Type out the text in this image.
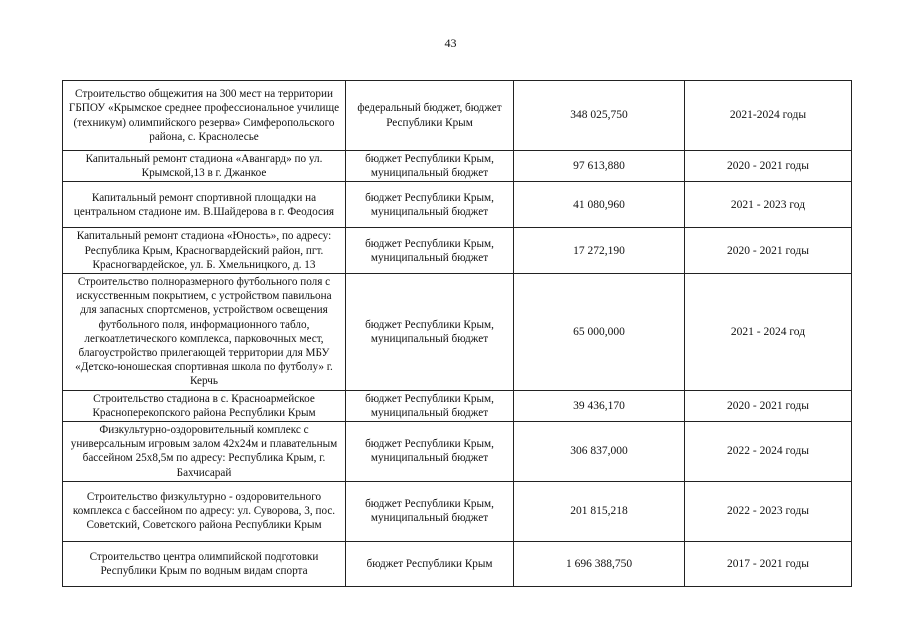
43
Строительство общежития на 300 мест на территории ГБПОУ «Крымское среднее профессиональное училище (техникум) олимпийского резерва» Симферопольского района, с. Краснолесье	федеральный бюджет, бюджет Республики Крым	348 025,750	2021-2024 годы
Капитальный ремонт стадиона «Авангард» по ул. Крымской,13 в г. Джанкое	бюджет Республики Крым, муниципальный бюджет	97 613,880	2020 - 2021 годы
Капитальный ремонт спортивной площадки на центральном стадионе им. В.Шайдерова в г. Феодосия	бюджет Республики Крым, муниципальный бюджет	41 080,960	2021 - 2023 год
Капитальный ремонт стадиона «Юность», по адресу: Республика Крым, Красногвардейский район, пгт. Красногвардейское, ул. Б. Хмельницкого, д. 13	бюджет Республики Крым, муниципальный бюджет	17 272,190	2020 - 2021 годы
Строительство полноразмерного футбольного поля с искусственным покрытием, с устройством павильона для запасных спортсменов, устройством освещения футбольного поля, информационного табло, легкоатлетического комплекса, парковочных мест, благоустройство прилегающей территории для МБУ «Детско-юношеская спортивная школа по футболу» г. Керчь	бюджет Республики Крым, муниципальный бюджет	65 000,000	2021 - 2024 год
Строительство стадиона в с. Красноармейское Красноперекопского района Республики Крым	бюджет Республики Крым, муниципальный бюджет	39 436,170	2020 - 2021 годы
Физкультурно-оздоровительный комплекс с универсальным игровым залом 42x24м и плавательным бассейном 25x8,5м по адресу: Республика Крым, г. Бахчисарай	бюджет Республики Крым, муниципальный бюджет	306 837,000	2022 - 2024 годы
Строительство физкультурно - оздоровительного комплекса с бассейном по адресу: ул. Суворова, 3, пос. Советский, Советского района Республики Крым	бюджет Республики Крым, муниципальный бюджет	201 815,218	2022 - 2023 годы
Строительство центра олимпийской подготовки Республики Крым по водным видам спорта	бюджет Республики Крым	1 696 388,750	2017 - 2021 годы
